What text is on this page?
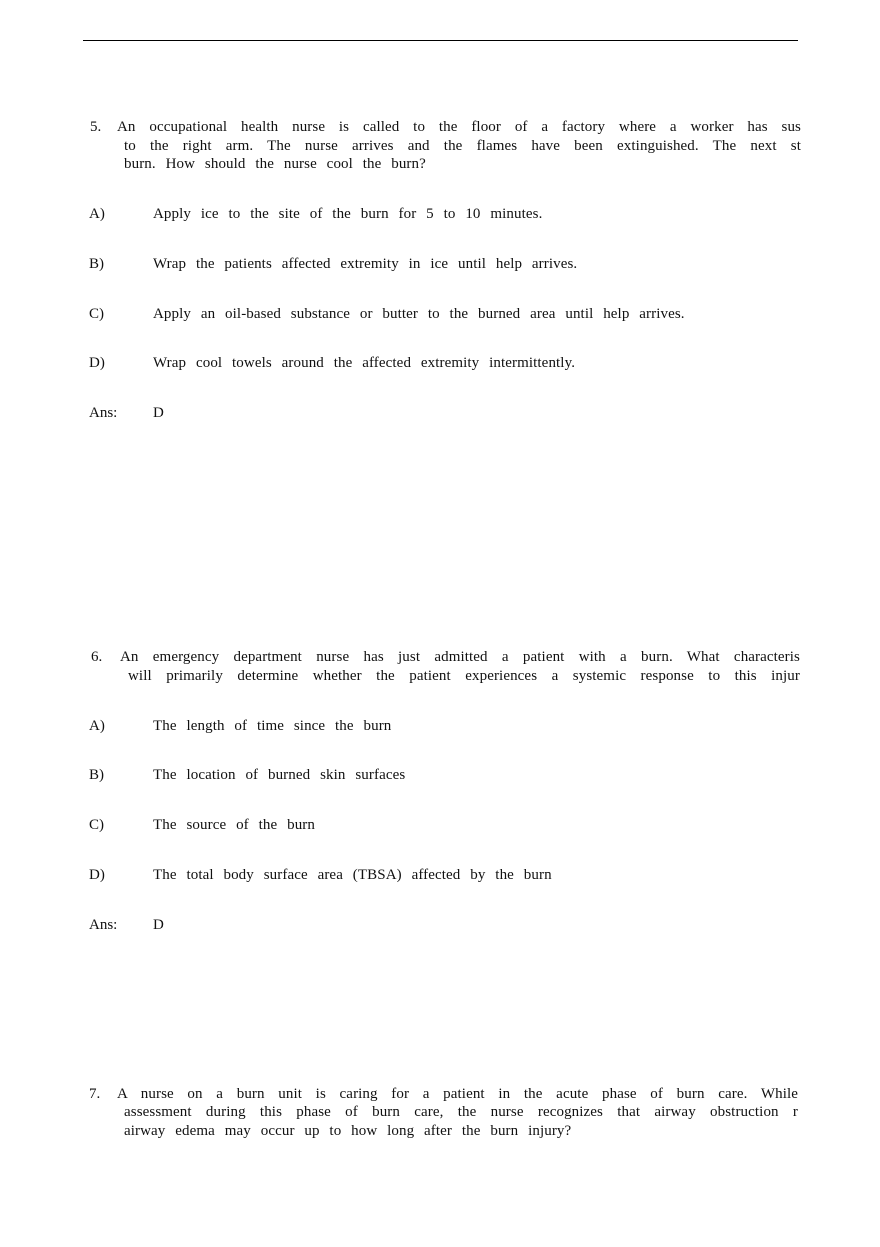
5. An occupational health nurse is called to the floor of a factory where a worker has sus
to the right arm. The nurse arrives and the flames have been extinguished. The next st
burn. How should the nurse cool the burn?
A)	Apply ice to the site of the burn for 5 to 10 minutes.
B)	Wrap the patients affected extremity in ice until help arrives.
C)	Apply an oil-based substance or butter to the burned area until help arrives.
D)	Wrap cool towels around the affected extremity intermittently.
Ans: D
6. An emergency department nurse has just admitted a patient with a burn. What characteris
will primarily determine whether the patient experiences a systemic response to this injur
A)	The length of time since the burn
B)	The location of burned skin surfaces
C)	The source of the burn
D)	The total body surface area (TBSA) affected by the burn
Ans: D
7. A nurse on a burn unit is caring for a patient in the acute phase of burn care. While
assessment during this phase of burn care, the nurse recognizes that airway obstruction r
airway edema may occur up to how long after the burn injury?
